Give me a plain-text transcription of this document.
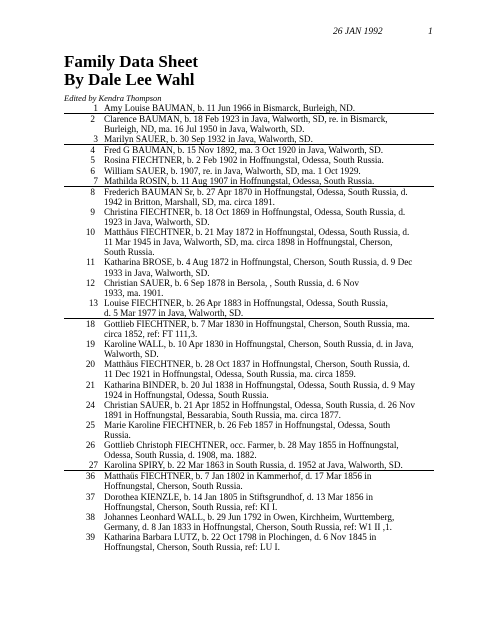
26 JAN 1992	1
Family Data Sheet
By Dale Lee Wahl
Edited by Kendra Thompson
1 Amy Louise BAUMAN, b. 11 Jun 1966 in Bismarck, Burleigh, ND.
2 Clarence BAUMAN, b. 18 Feb 1923 in Java, Walworth, SD, re. in Bismarck,
Burleigh, ND, ma. 16 Jul 1950 in Java, Walworth, SD.
3 Marilyn SAUER, b. 30 Sep 1932 in Java, Walworth, SD.
4 Fred G BAUMAN, b. 15 Nov 1892, ma. 3 Oct 1920 in Java, Walworth, SD.
5 Rosina FIECHTNER, b. 2 Feb 1902 in Hoffnungstal, Odessa, South Russia.
6 William SAUER, b. 1907, re. in Java, Walworth, SD, ma. 1 Oct 1929.
7 Mathilda ROSIN, b. 11 Aug 1907 in Hoffnungstal, Odessa, South Russia.
8 Frederich BAUMAN Sr, b. 27 Apr 1870 in Hoffnungstal, Odessa, South Russia, d.
1942 in Britton, Marshall, SD, ma. circa 1891.
9 Christina FIECHTNER, b. 18 Oct 1869 in Hoffnungstal, Odessa, South Russia, d.
1923 in Java, Walworth, SD.
10 Matthäus FIECHTNER, b. 21 May 1872 in Hoffnungstal, Odessa, South Russia, d.
11 Mar 1945 in Java, Walworth, SD, ma. circa 1898 in Hoffnungstal, Cherson,
South Russia.
11 Katharina BROSE, b. 4 Aug 1872 in Hoffnungstal, Cherson, South Russia, d. 9 Dec
1933 in Java, Walworth, SD.
12 Christian SAUER, b. 6 Sep 1878 in Bersola, , South Russia, d. 6 Nov
1933, ma. 1901.
13 Louise FIECHTNER, b. 26 Apr 1883 in Hoffnungstal, Odessa, South Russia,
d. 5 Mar 1977 in Java, Walworth, SD.
18 Gottlieb FIECHTNER, b. 7 Mar 1830 in Hoffnungstal, Cherson, South Russia, ma.
circa 1852, ref: FT 111,3.
19 Karoline WALL, b. 10 Apr 1830 in Hoffnungstal, Cherson, South Russia, d. in Java,
Walworth, SD.
20 Matthäus FIECHTNER, b. 28 Oct 1837 in Hoffnungstal, Cherson, South Russia, d.
11 Dec 1921 in Hoffnungstal, Odessa, South Russia, ma. circa 1859.
21 Katharina BINDER, b. 20 Jul 1838 in Hoffnungstal, Odessa, South Russia, d. 9 May
1924 in Hoffnungstal, Odessa, South Russia.
24 Christian SAUER, b. 21 Apr 1852 in Hoffnungstal, Odessa, South Russia, d. 26 Nov
1891 in Hoffnungstal, Bessarabia, South Russia, ma. circa 1877.
25 Marie Karoline FIECHTNER, b. 26 Feb 1857 in Hoffnungstal, Odessa, South
Russia.
26 Gottlieb Christoph FIECHTNER, occ. Farmer, b. 28 May 1855 in Hoffnungstal,
Odessa, South Russia, d. 1908, ma. 1882.
27 Karolina SPIRY, b. 22 Mar 1863 in South Russia, d. 1952 at Java, Walworth, SD.
36 Matthaüs FIECHTNER, b. 7 Jan 1802 in Kammerhof, d. 17 Mar 1856 in
Hoffnungstal, Cherson, South Russia.
37 Dorothea KIENZLE, b. 14 Jan 1805 in Stiftsgrundhof, d. 13 Mar 1856 in
Hoffnungstal, Cherson, South Russia, ref: KI I.
38 Johannes Leonhard WALL, b. 29 Jun 1792 in Owen, Kirchheim, Wurttemberg,
Germany, d. 8 Jan 1833 in Hoffnungstal, Cherson, South Russia, ref: W1 II ,1.
39 Katharina Barbara LUTZ, b. 22 Oct 1798 in Plochingen, d. 6 Nov 1845 in
Hoffnungstal, Cherson, South Russia, ref: LU I.
